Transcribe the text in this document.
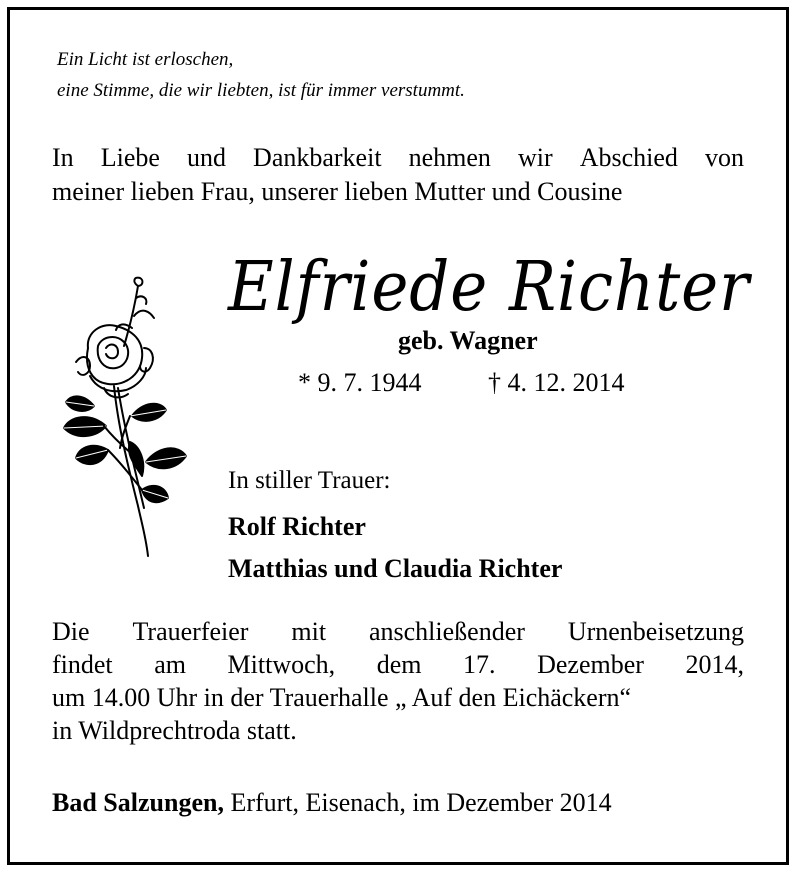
Ein Licht ist erloschen,
eine Stimme, die wir liebten, ist für immer verstummt.
In Liebe und Dankbarkeit nehmen wir Abschied von
meiner lieben Frau, unserer lieben Mutter und Cousine
Elfriede Richter
geb. Wagner
* 9. 7. 1944	† 4. 12. 2014
In stiller Trauer:
Rolf Richter
Matthias und Claudia Richter
Die Trauerfeier mit anschließender Urnenbeisetzung
findet am Mittwoch, dem 17. Dezember 2014,
um 14.00 Uhr in der Trauerhalle „ Auf den Eichäckern“
in Wildprechtroda statt.
Bad Salzungen, Erfurt, Eisenach, im Dezember 2014
